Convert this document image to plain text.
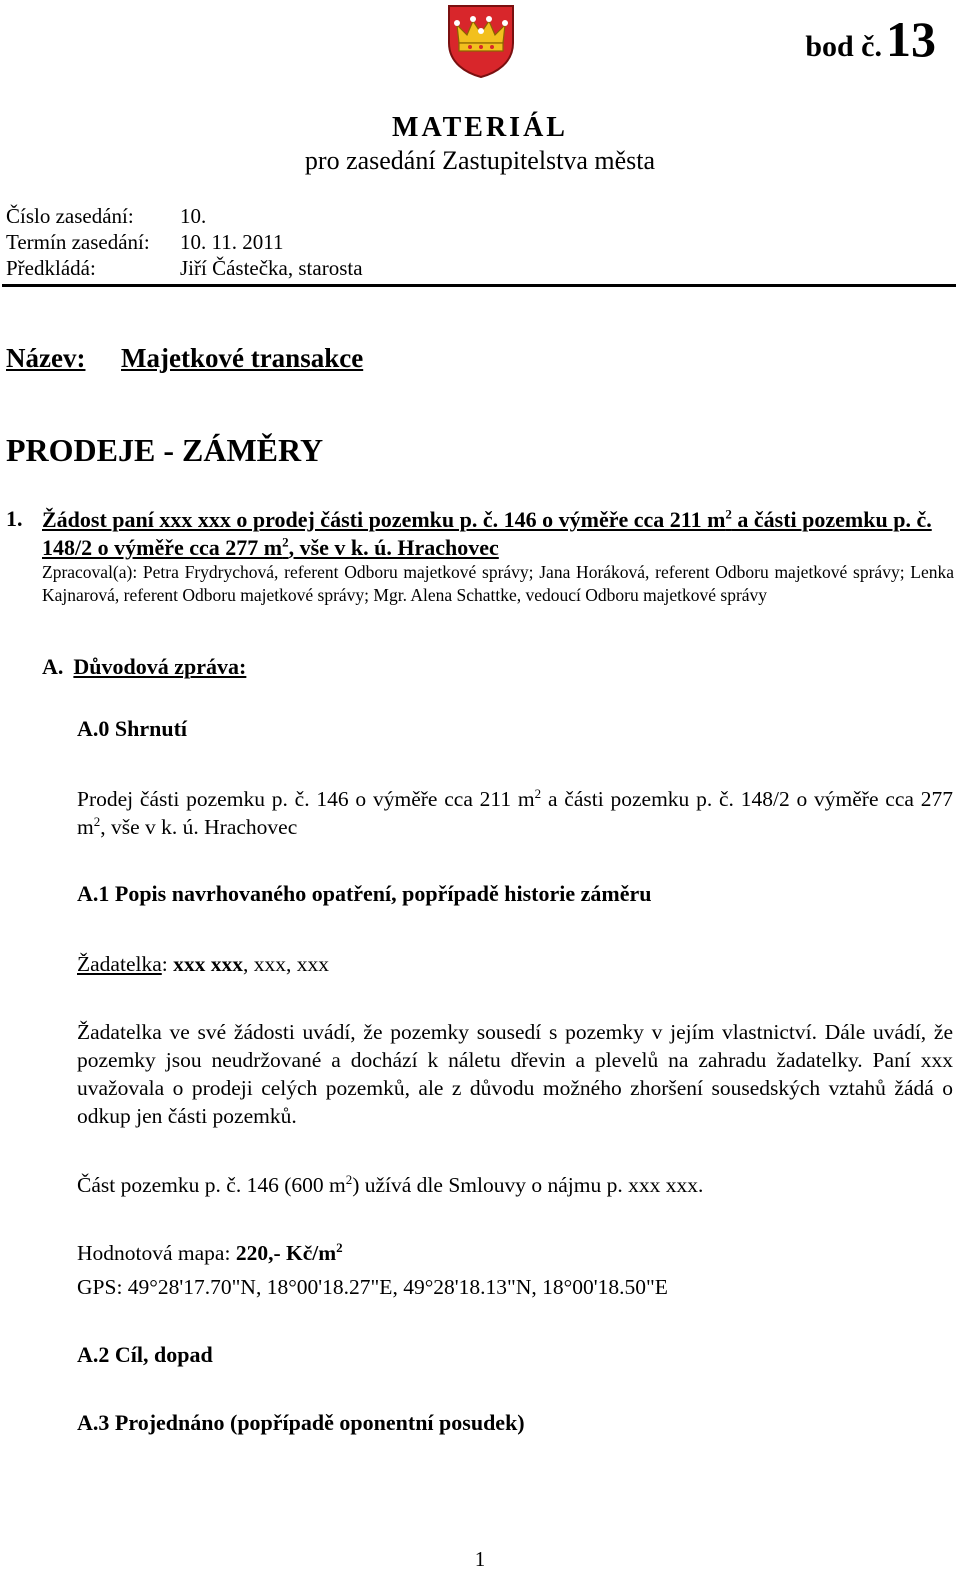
bod č.13
MATERIÁL
pro zasedání Zastupitelstva města
Číslo zasedání:	10.
Termín zasedání:	10. 11. 2011
Předkládá:	Jiří Částečka, starosta
Název: Majetkové transakce
PRODEJE - ZÁMĚRY
1. Žádost paní xxx xxx o prodej části pozemku p. č. 146 o výměře cca 211 $m^2$ a části pozemku p. č. 148/2 o výměře cca 277 $m^2$, vše v k. ú. Hrachovec
Zpracoval(a): Petra Frydrychová, referent Odboru majetkové správy; Jana Horáková, referent Odboru majetkové správy; Lenka Kajnarová, referent Odboru majetkové správy; Mgr. Alena Schattke, vedoucí Odboru majetkové správy
A. Důvodová zpráva:
A.0 Shrnutí
Prodej části pozemku p. č. 146 o výměře cca 211 $m^2$ a části pozemku p. č. 148/2 o výměře cca 277 $m^2$, vše v k. ú. Hrachovec
A.1 Popis navrhovaného opatření, popřípadě historie záměru
Žadatelka: xxx xxx, xxx, xxx
Žadatelka ve své žádosti uvádí, že pozemky sousedí s pozemky v jejím vlastnictví. Dále uvádí, že pozemky jsou neudržované a dochází k náletu dřevin a plevelů na zahradu žadatelky. Paní xxx uvažovala o prodeji celých pozemků, ale z důvodu možného zhoršení sousedských vztahů žádá o odkup jen části pozemků.
Část pozemku p. č. 146 (600 $m^2$) užívá dle Smlouvy o nájmu p. xxx xxx.
Hodnotová mapa: 220,- $Kč/m^2$
GPS: 49°28'17.70"N, 18°00'18.27"E, 49°28'18.13"N, 18°00'18.50"E
A.2 Cíl, dopad
A.3 Projednáno (popřípadě oponentní posudek)
1
